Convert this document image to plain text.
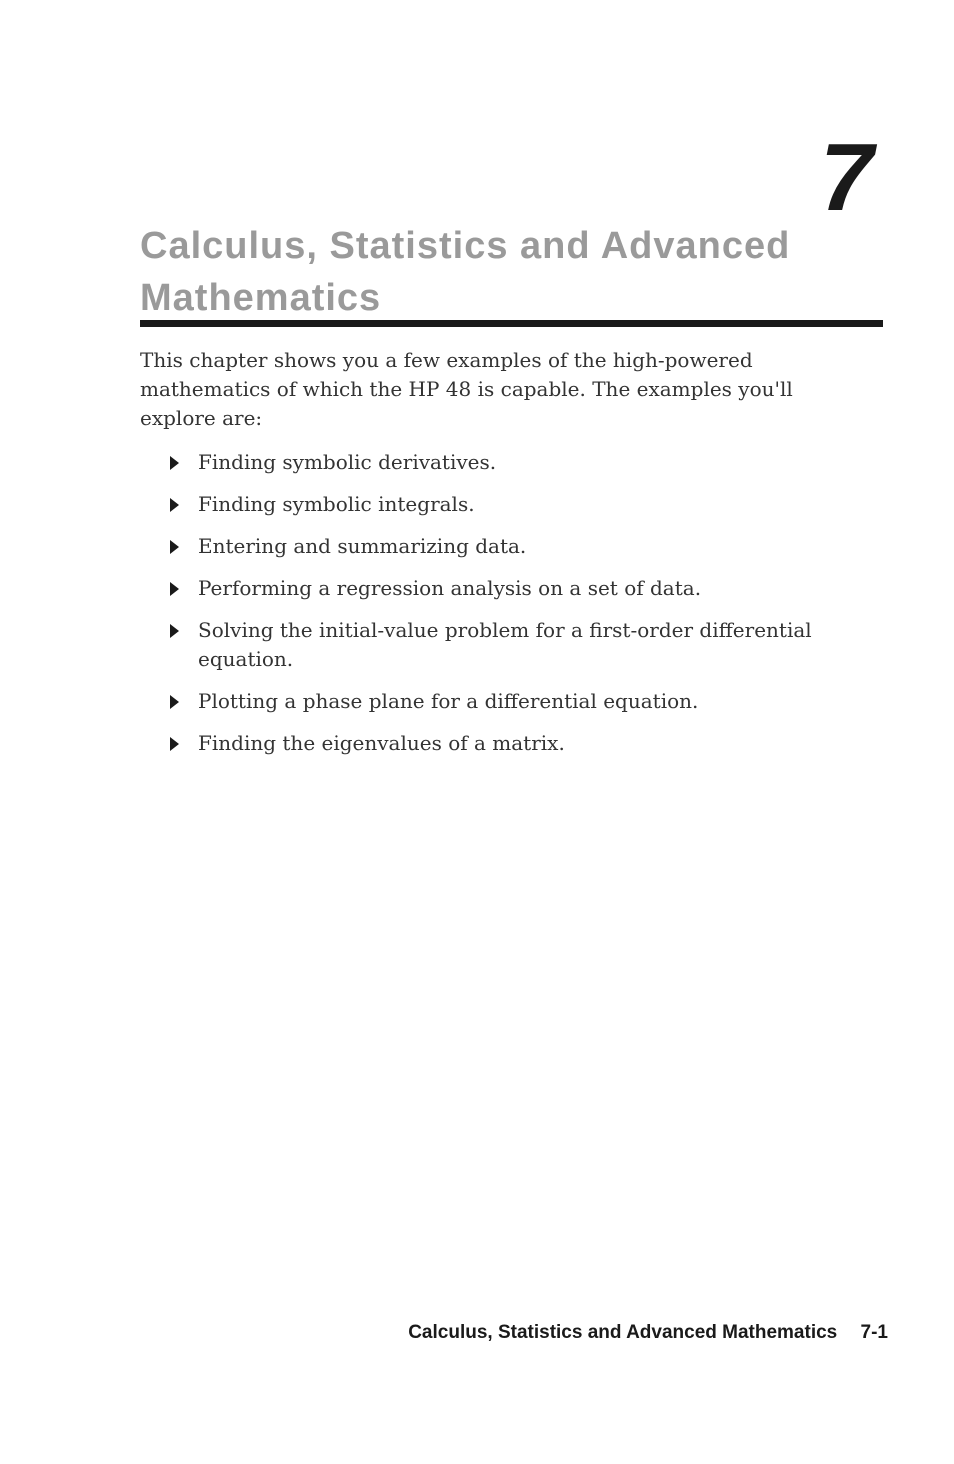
7
Calculus, Statistics and Advanced Mathematics

This chapter shows you a few examples of the high-powered mathematics of which the HP 48 is capable. The examples you'll explore are:

Finding symbolic derivatives.
Finding symbolic integrals.
Entering and summarizing data.
Performing a regression analysis on a set of data.
Solving the initial-value problem for a first-order differential equation.
Plotting a phase plane for a differential equation.
Finding the eigenvalues of a matrix.
Calculus, Statistics and Advanced Mathematics 7-1
